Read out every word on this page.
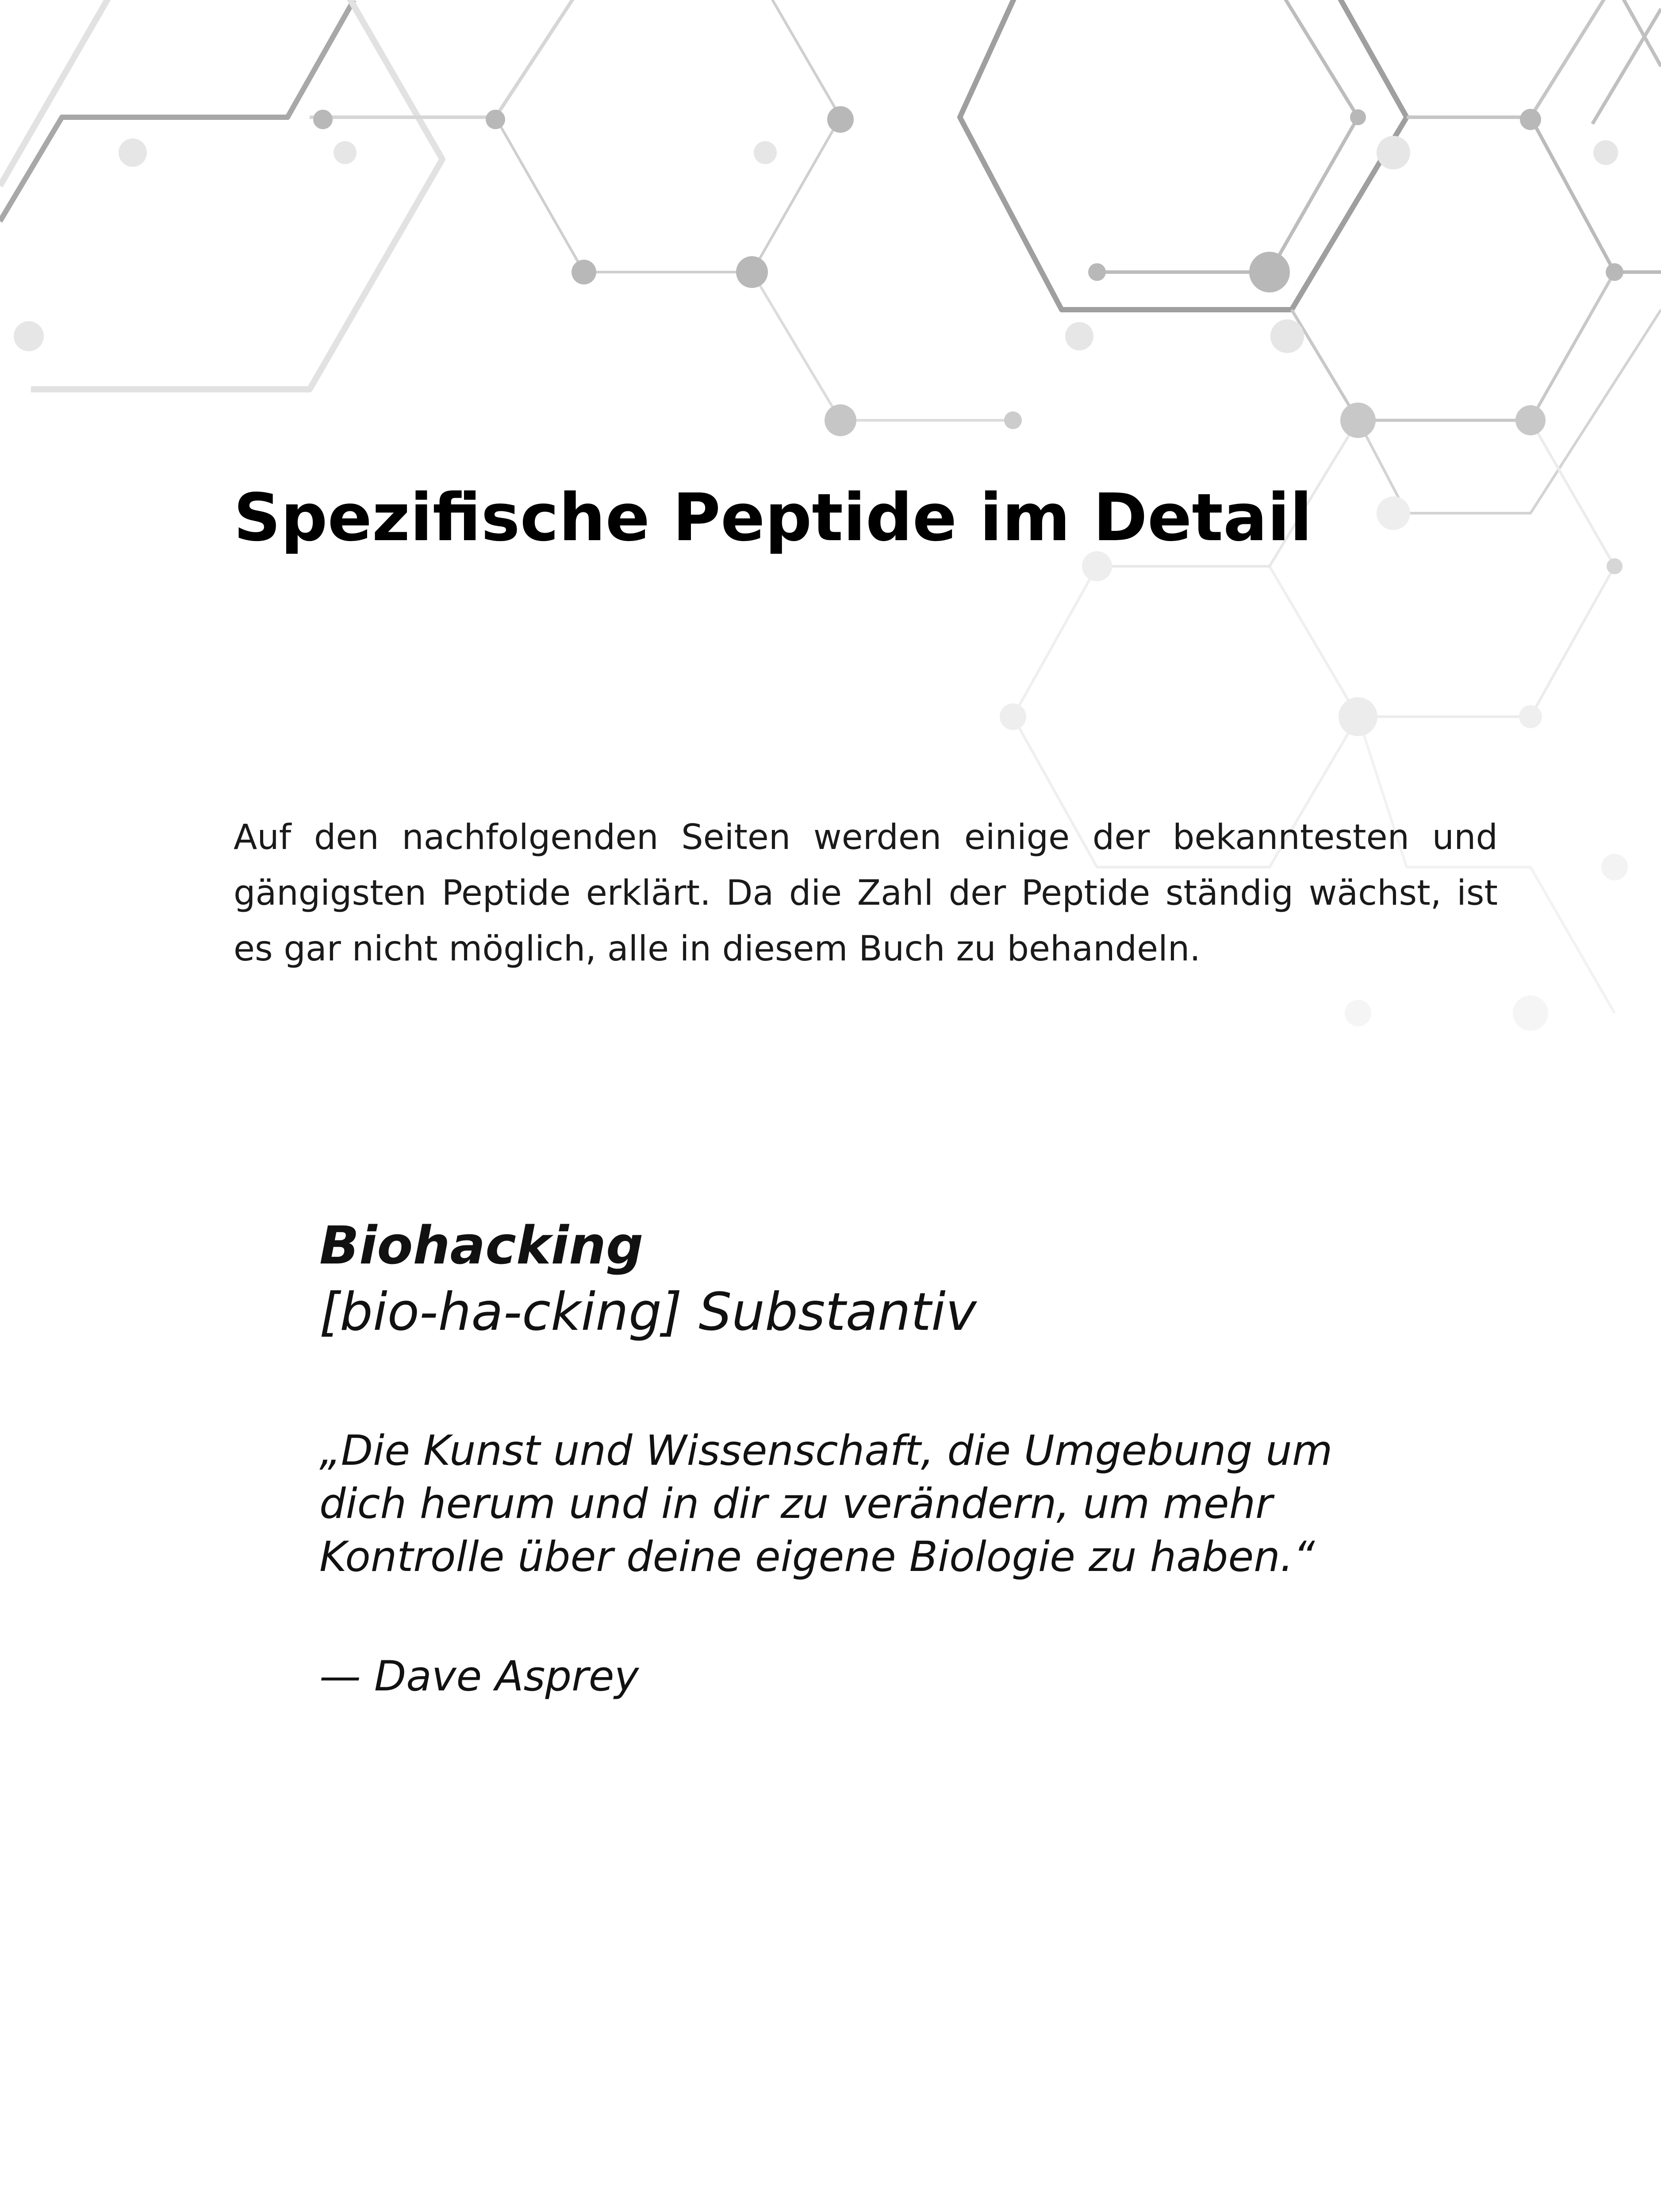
Spezifische Peptide im Detail

Auf den nachfolgenden Seiten werden einige der bekanntesten und gängigsten Peptide erklärt. Da die Zahl der Peptide ständig wächst, ist es gar nicht möglich, alle in diesem Buch zu behandeln.

Biohacking

[bio-ha-cking] Substantiv

„Die Kunst und Wissenschaft, die Umgebung um
dich herum und in dir zu verändern, um mehr
Kontrolle über deine eigene Biologie zu haben.“

— Dave Asprey
